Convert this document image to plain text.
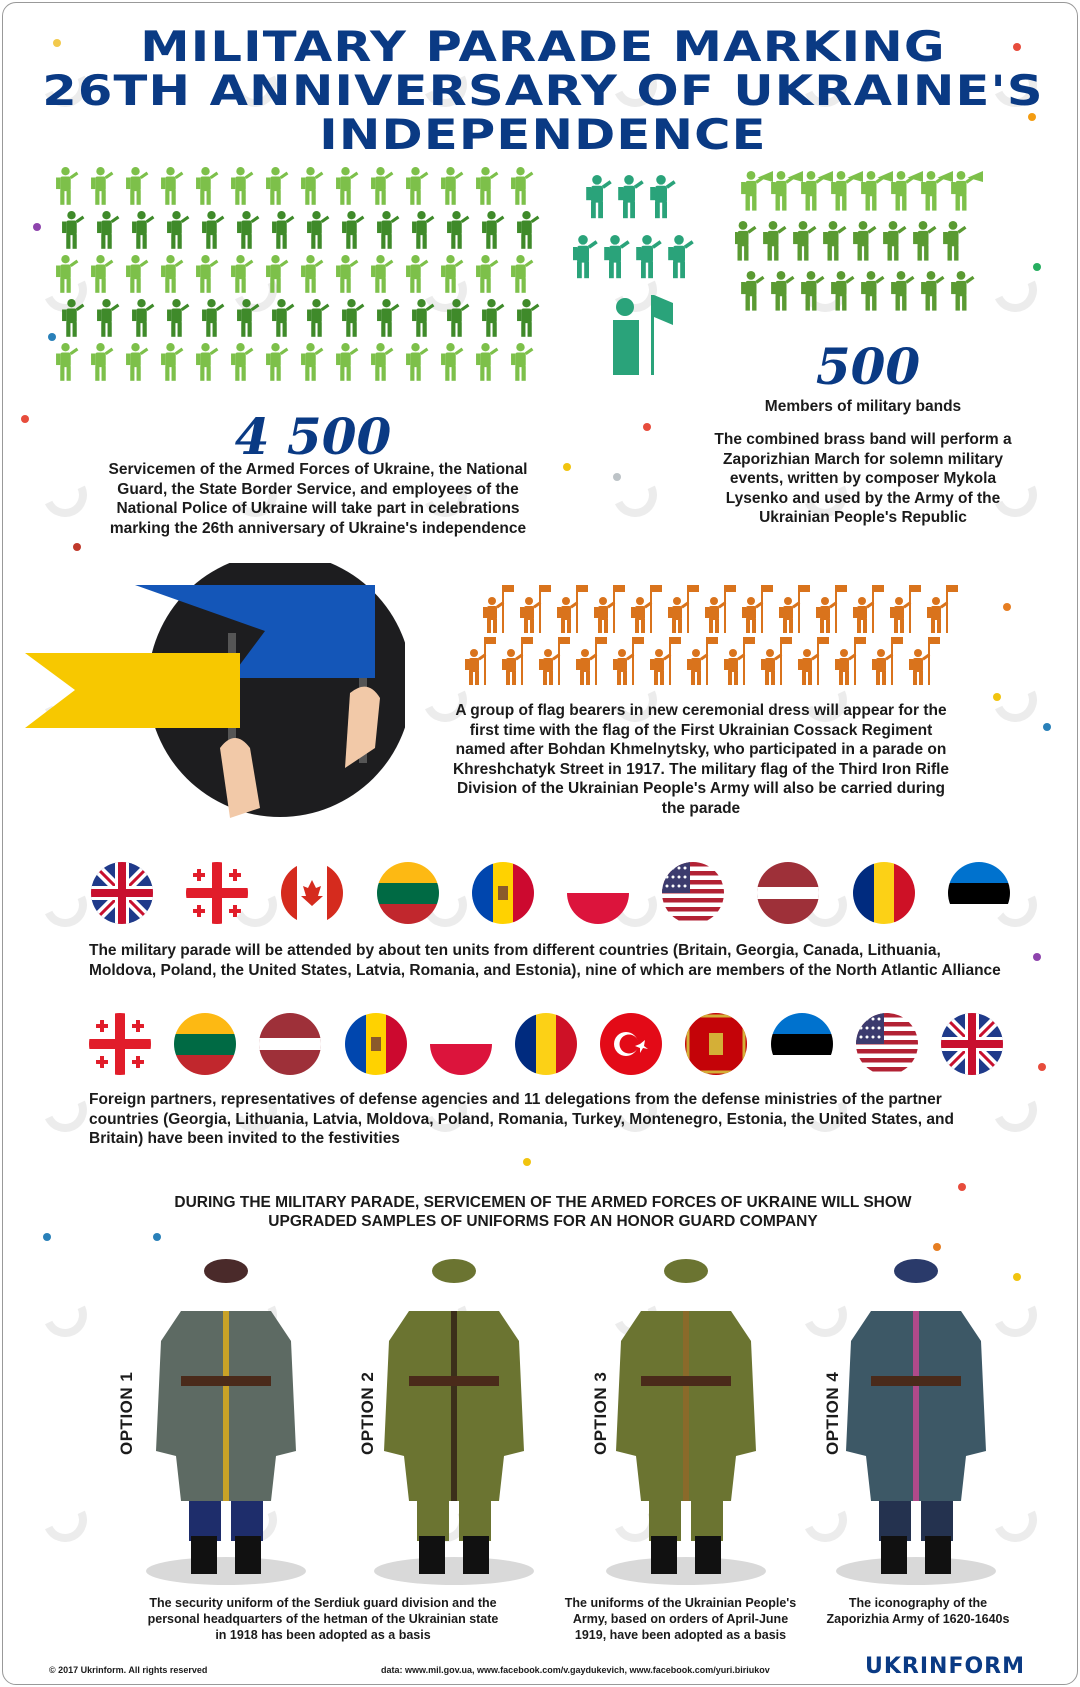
MILITARY PARADE MARKING
26TH ANNIVERSARY OF UKRAINE'S
INDEPENDENCE
4 500
Servicemen of the Armed Forces of Ukraine, the National Guard, the State Border Service, and employees of the National Police of Ukraine will take part in celebrations marking the 26th anniversary of Ukraine's independence
500
Members of military bands
The combined brass band will perform a Zaporizhian March for solemn military events, written by composer Mykola Lysenko and used by the Army of the Ukrainian People's Republic
A group of flag bearers in new ceremonial dress will appear for the first time with the flag of the First Ukrainian Cossack Regiment named after Bohdan Khmelnytsky, who participated in a parade on Khreshchatyk Street in 1917. The military flag of the Third Iron Rifle Division of the Ukrainian People's Army will also be carried during the parade
The military parade will be attended by about ten units from different countries (Britain, Georgia, Canada, Lithuania, Moldova, Poland, the United States, Latvia, Romania, and Estonia), nine of which are members of the North Atlantic Alliance
Foreign partners, representatives of defense agencies and 11 delegations from the defense ministries of the partner countries (Georgia, Lithuania, Latvia, Moldova, Poland, Romania, Turkey, Montenegro, Estonia, the United States, and Britain) have been invited to the festivities
DURING THE MILITARY PARADE, SERVICEMEN OF THE ARMED FORCES OF UKRAINE WILL SHOW
UPGRADED SAMPLES OF UNIFORMS FOR AN HONOR GUARD COMPANY
OPTION 1	OPTION 2	OPTION 3	OPTION 4
The security uniform of the Serdiuk guard division and the personal headquarters of the hetman of the Ukrainian state in 1918 has been adopted as a basis
The uniforms of the Ukrainian People's Army, based on orders of April-June 1919, have been adopted as a basis
The iconography of the Zaporizhia Army of 1620-1640s
© 2017 Ukrinform. All rights reserved	data: www.mil.gov.ua, www.facebook.com/v.gaydukevich, www.facebook.com/yuri.biriukov	UKRINFORM
